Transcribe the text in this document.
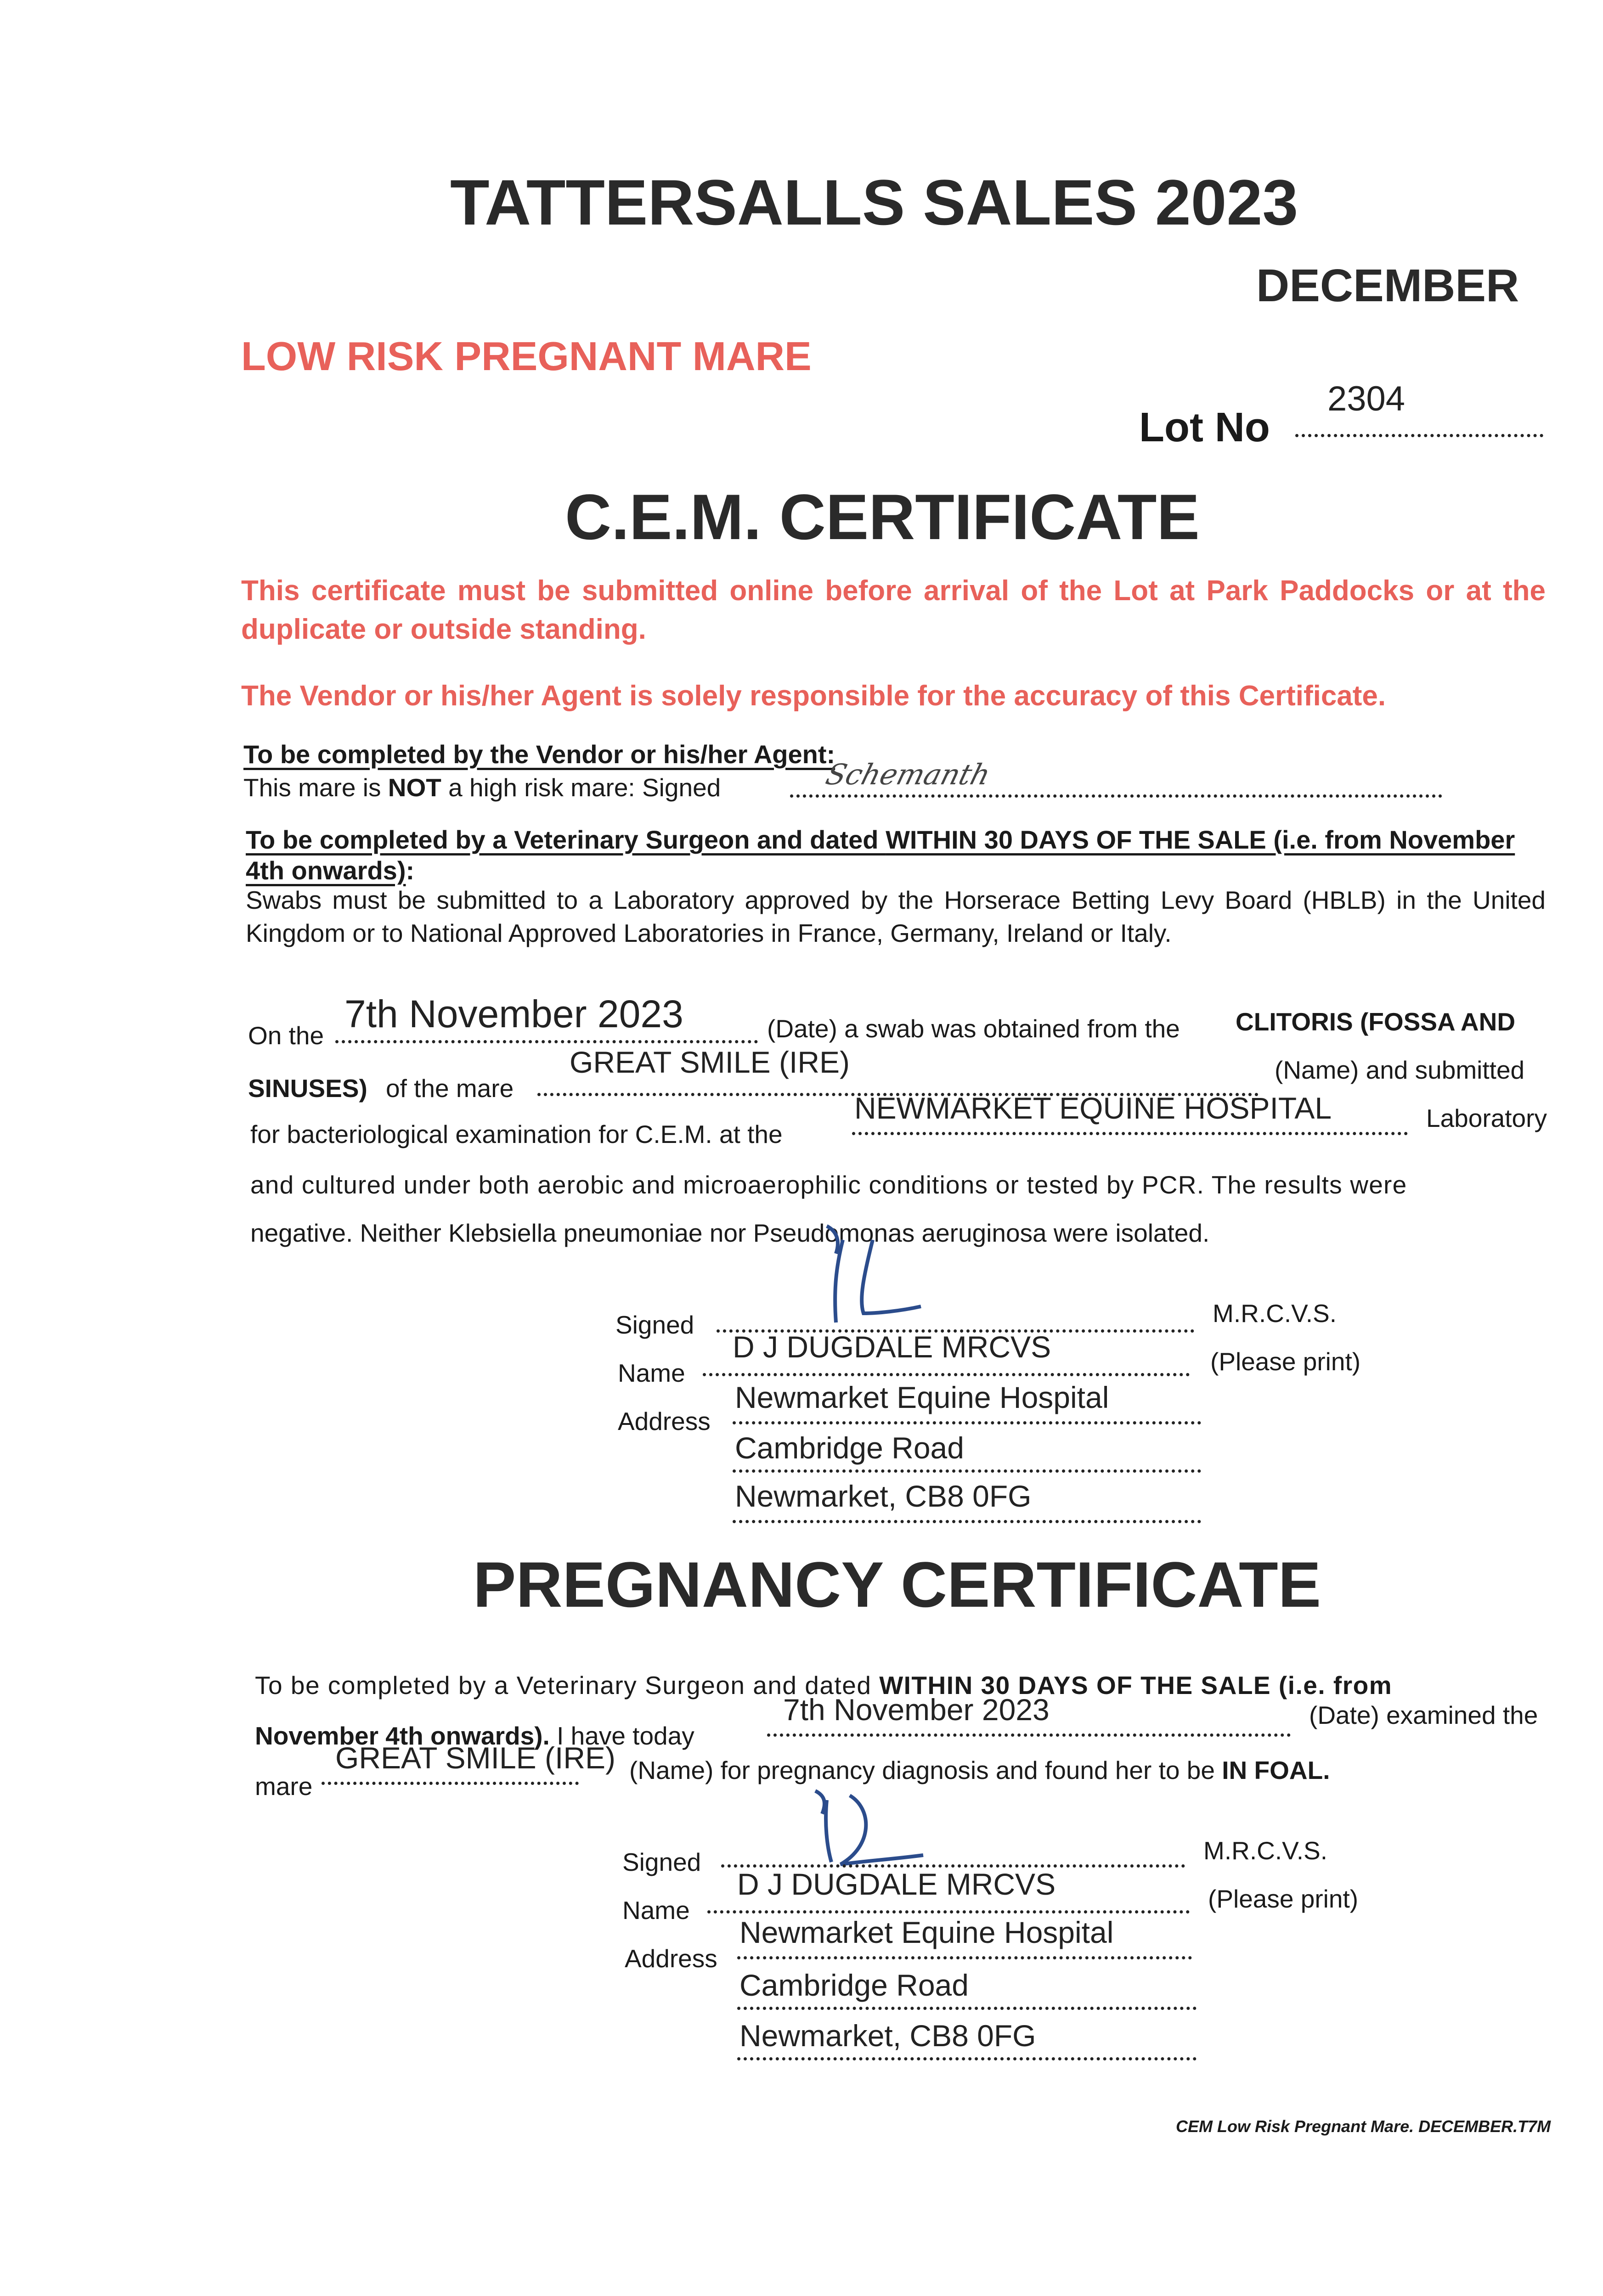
TATTERSALLS SALES 2023
DECEMBER
LOW RISK PREGNANT MARE
Lot No
2304
C.E.M. CERTIFICATE
This certificate must be submitted online before arrival of the Lot at Park Paddocks or at the duplicate or outside standing.
The Vendor or his/her Agent is solely responsible for the accuracy of this Certificate.
To be completed by the Vendor or his/her Agent:
This mare is NOT a high risk mare: Signed	Schemanth
To be completed by a Veterinary Surgeon and dated WITHIN 30 DAYS OF THE SALE (i.e. from November 4th onwards):
Swabs must be submitted to a Laboratory approved by the Horserace Betting Levy Board (HBLB) in the United Kingdom or to National Approved Laboratories in France, Germany, Ireland or Italy.
On the 7th November 2023	(Date) a swab was obtained from the CLITORIS (FOSSA AND
SINUSES) of the mare
GREAT SMILE (IRE)	(Name) and submitted
for bacteriological examination for C.E.M. at the
NEWMARKET EQUINE HOSPITAL	Laboratory
and cultured under both aerobic and microaerophilic conditions or tested by PCR. The results were
negative. Neither Klebsiella pneumoniae nor Pseudomonas aeruginosa were isolated.
Signed	M.R.C.V.S.
Name
D J DUGDALE MRCVS	(Please print)
Address
Newmarket Equine Hospital
Cambridge Road
Newmarket, CB8 0FG
PREGNANCY CERTIFICATE
To be completed by a Veterinary Surgeon and dated WITHIN 30 DAYS OF THE SALE (i.e. from
November 4th onwards). I have today
7th November 2023	(Date) examined the
mare
GREAT SMILE (IRE) (Name) for pregnancy diagnosis and found her to be IN FOAL.
Signed	M.R.C.V.S.
Name
D J DUGDALE MRCVS	(Please print)
Address
Newmarket Equine Hospital
Cambridge Road
Newmarket, CB8 0FG
CEM Low Risk Pregnant Mare. DECEMBER.T7M
